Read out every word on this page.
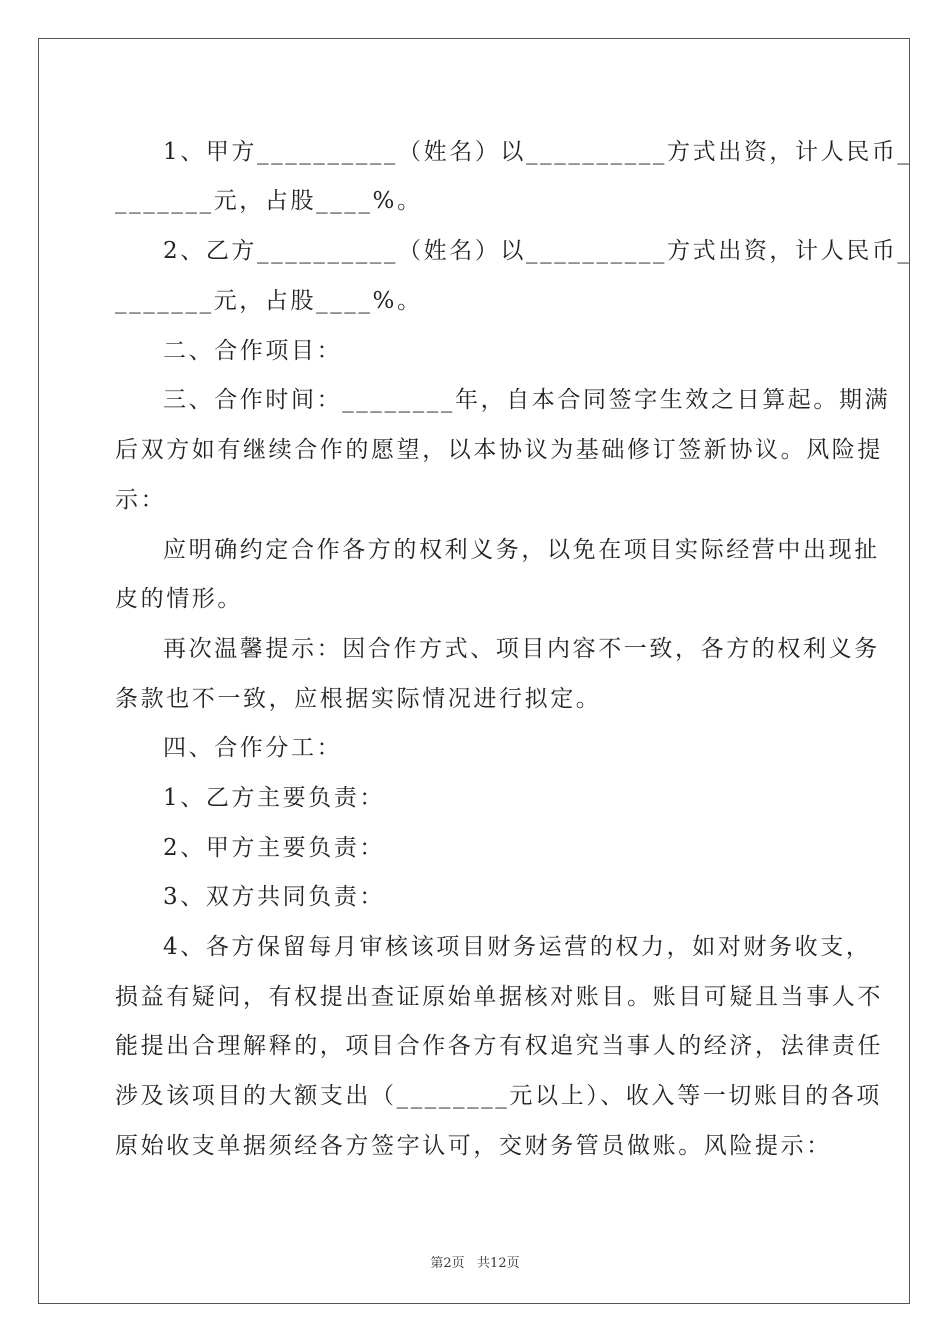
1、甲方__________（姓名）以__________方式出资，计人民币_
_______元，占股____%。
2、乙方__________（姓名）以__________方式出资，计人民币_
_______元，占股____%。
二、合作项目：
三、合作时间：________年，自本合同签字生效之日算起。期满
后双方如有继续合作的愿望，以本协议为基础修订签新协议。风险提
示：
应明确约定合作各方的权利义务，以免在项目实际经营中出现扯
皮的情形。
再次温馨提示：因合作方式、项目内容不一致，各方的权利义务
条款也不一致，应根据实际情况进行拟定。
四、合作分工：
1、乙方主要负责：
2、甲方主要负责：
3、双方共同负责：
4、各方保留每月审核该项目财务运营的权力，如对财务收支，
损益有疑问，有权提出查证原始单据核对账目。账目可疑且当事人不
能提出合理解释的，项目合作各方有权追究当事人的经济，法律责任
涉及该项目的大额支出（________元以上）、收入等一切账目的各项
原始收支单据须经各方签字认可，交财务管员做账。风险提示：
第2页   共12页
